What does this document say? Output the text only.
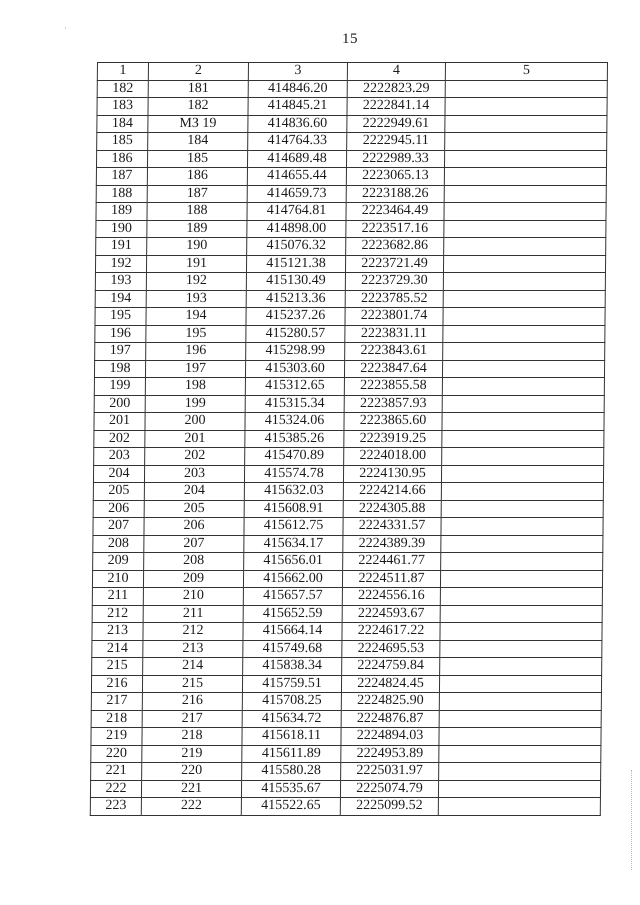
·
15
1	2	3	4	5
182	181	414846.20	2222823.29	
183	182	414845.21	2222841.14	
184	МЗ 19	414836.60	2222949.61	
185	184	414764.33	2222945.11	
186	185	414689.48	2222989.33	
187	186	414655.44	2223065.13	
188	187	414659.73	2223188.26	
189	188	414764.81	2223464.49	
190	189	414898.00	2223517.16	
191	190	415076.32	2223682.86	
192	191	415121.38	2223721.49	
193	192	415130.49	2223729.30	
194	193	415213.36	2223785.52	
195	194	415237.26	2223801.74	
196	195	415280.57	2223831.11	
197	196	415298.99	2223843.61	
198	197	415303.60	2223847.64	
199	198	415312.65	2223855.58	
200	199	415315.34	2223857.93	
201	200	415324.06	2223865.60	
202	201	415385.26	2223919.25	
203	202	415470.89	2224018.00	
204	203	415574.78	2224130.95	
205	204	415632.03	2224214.66	
206	205	415608.91	2224305.88	
207	206	415612.75	2224331.57	
208	207	415634.17	2224389.39	
209	208	415656.01	2224461.77	
210	209	415662.00	2224511.87	
211	210	415657.57	2224556.16	
212	211	415652.59	2224593.67	
213	212	415664.14	2224617.22	
214	213	415749.68	2224695.53	
215	214	415838.34	2224759.84	
216	215	415759.51	2224824.45	
217	216	415708.25	2224825.90	
218	217	415634.72	2224876.87	
219	218	415618.11	2224894.03	
220	219	415611.89	2224953.89	
221	220	415580.28	2225031.97	
222	221	415535.67	2225074.79	
223	222	415522.65	2225099.52	
